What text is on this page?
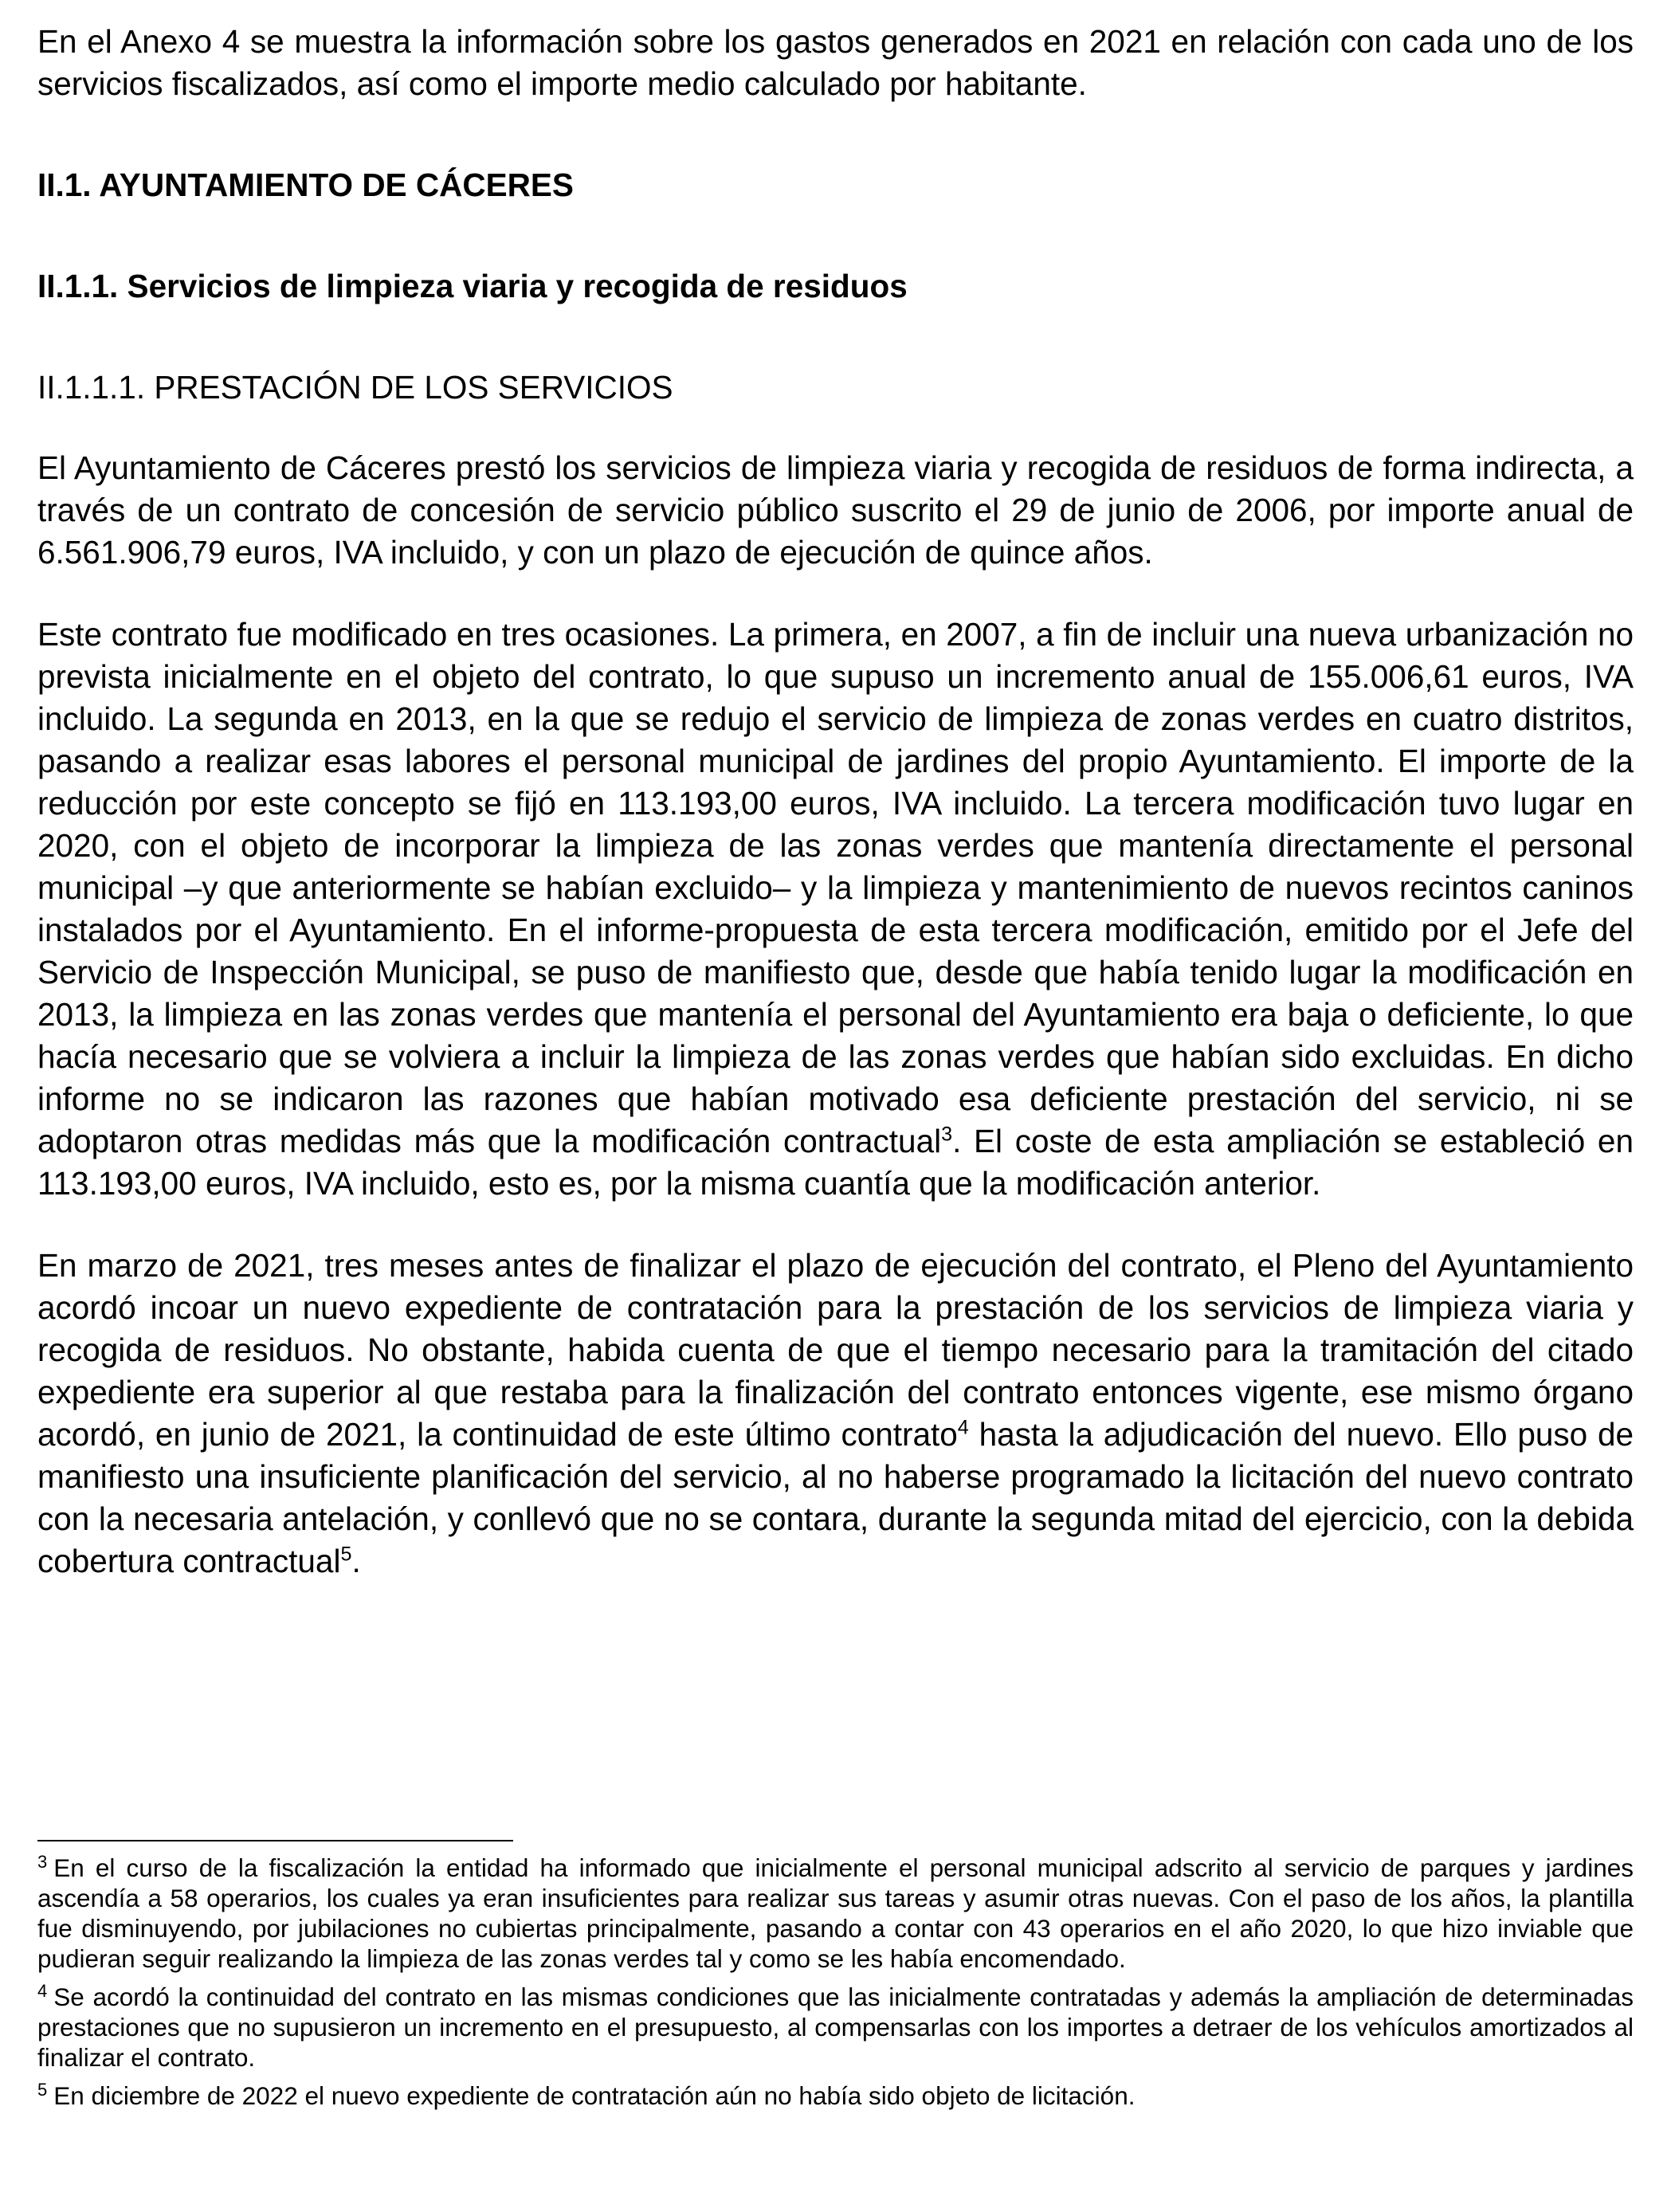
En el Anexo 4 se muestra la información sobre los gastos generados en 2021 en relación con cada uno de los servicios fiscalizados, así como el importe medio calculado por habitante.

II.1. AYUNTAMIENTO DE CÁCERES

II.1.1. Servicios de limpieza viaria y recogida de residuos

II.1.1.1. PRESTACIÓN DE LOS SERVICIOS

El Ayuntamiento de Cáceres prestó los servicios de limpieza viaria y recogida de residuos de forma indirecta, a través de un contrato de concesión de servicio público suscrito el 29 de junio de 2006, por importe anual de 6.561.906,79 euros, IVA incluido, y con un plazo de ejecución de quince años.

Este contrato fue modificado en tres ocasiones. La primera, en 2007, a fin de incluir una nueva urbanización no prevista inicialmente en el objeto del contrato, lo que supuso un incremento anual de 155.006,61 euros, IVA incluido. La segunda en 2013, en la que se redujo el servicio de limpieza de zonas verdes en cuatro distritos, pasando a realizar esas labores el personal municipal de jardines del propio Ayuntamiento. El importe de la reducción por este concepto se fijó en 113.193,00 euros, IVA incluido. La tercera modificación tuvo lugar en 2020, con el objeto de incorporar la limpieza de las zonas verdes que mantenía directamente el personal municipal –y que anteriormente se habían excluido– y la limpieza y mantenimiento de nuevos recintos caninos instalados por el Ayuntamiento. En el informe-propuesta de esta tercera modificación, emitido por el Jefe del Servicio de Inspección Municipal, se puso de manifiesto que, desde que había tenido lugar la modificación en 2013, la limpieza en las zonas verdes que mantenía el personal del Ayuntamiento era baja o deficiente, lo que hacía necesario que se volviera a incluir la limpieza de las zonas verdes que habían sido excluidas. En dicho informe no se indicaron las razones que habían motivado esa deficiente prestación del servicio, ni se adoptaron otras medidas más que la modificación contractual$^3$. El coste de esta ampliación se estableció en 113.193,00 euros, IVA incluido, esto es, por la misma cuantía que la modificación anterior.

En marzo de 2021, tres meses antes de finalizar el plazo de ejecución del contrato, el Pleno del Ayuntamiento acordó incoar un nuevo expediente de contratación para la prestación de los servicios de limpieza viaria y recogida de residuos. No obstante, habida cuenta de que el tiempo necesario para la tramitación del citado expediente era superior al que restaba para la finalización del contrato entonces vigente, ese mismo órgano acordó, en junio de 2021, la continuidad de este último contrato$^4$ hasta la adjudicación del nuevo. Ello puso de manifiesto una insuficiente planificación del servicio, al no haberse programado la licitación del nuevo contrato con la necesaria antelación, y conllevó que no se contara, durante la segunda mitad del ejercicio, con la debida cobertura contractual$^5$.

$^3$ En el curso de la fiscalización la entidad ha informado que inicialmente el personal municipal adscrito al servicio de parques y jardines ascendía a 58 operarios, los cuales ya eran insuficientes para realizar sus tareas y asumir otras nuevas. Con el paso de los años, la plantilla fue disminuyendo, por jubilaciones no cubiertas principalmente, pasando a contar con 43 operarios en el año 2020, lo que hizo inviable que pudieran seguir realizando la limpieza de las zonas verdes tal y como se les había encomendado.

$^4$ Se acordó la continuidad del contrato en las mismas condiciones que las inicialmente contratadas y además la ampliación de determinadas prestaciones que no supusieron un incremento en el presupuesto, al compensarlas con los importes a detraer de los vehículos amortizados al finalizar el contrato.

$^5$ En diciembre de 2022 el nuevo expediente de contratación aún no había sido objeto de licitación.
